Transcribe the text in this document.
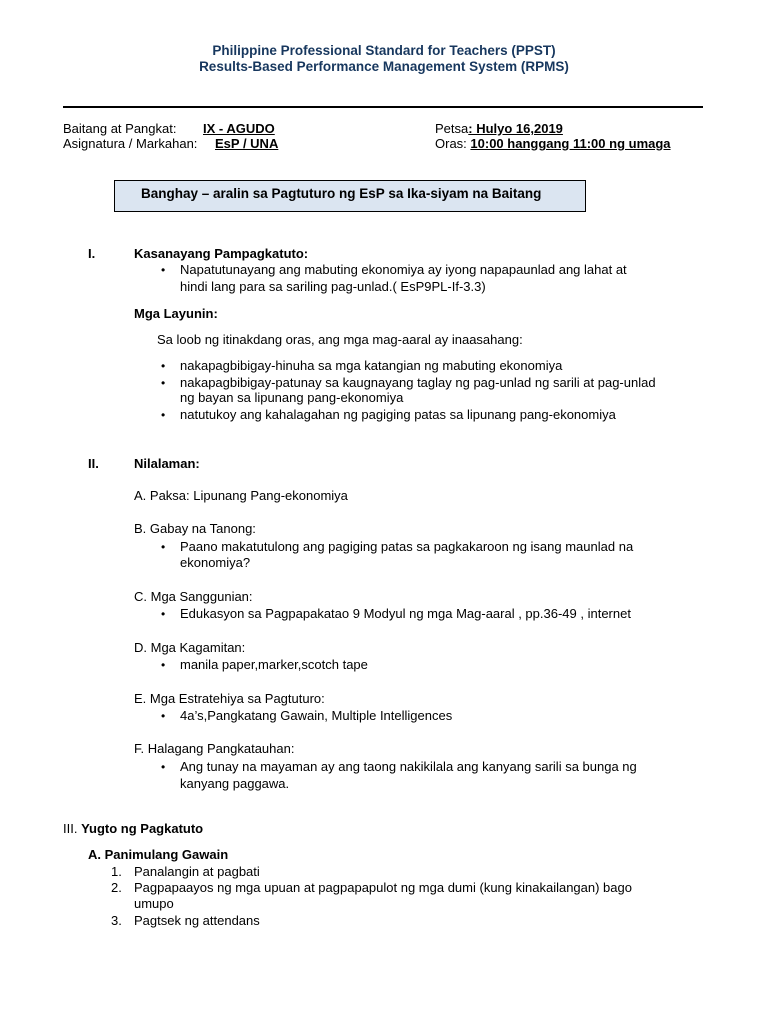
Philippine Professional Standard for Teachers (PPST)
Results-Based Performance Management System (RPMS)
Baitang at Pangkat: IX - AGUDO
Asignatura / Markahan: EsP / UNA
Petsa: Hulyo 16,2019
Oras: 10:00 hanggang 11:00 ng umaga
Banghay – aralin sa Pagtuturo ng EsP sa Ika-siyam na Baitang
I.	Kasanayang Pampagkatuto:
• Napatutunayang ang mabuting ekonomiya ay iyong napapaunlad ang lahat at
hindi lang para sa sariling pag-unlad.( EsP9PL-If-3.3)
Mga Layunin:
Sa loob ng itinakdang oras, ang mga mag-aaral ay inaasahang:
• nakapagbibigay-hinuha sa mga katangian ng mabuting ekonomiya
• nakapagbibigay-patunay sa kaugnayang taglay ng pag-unlad ng sarili at pag-unlad
ng bayan sa lipunang pang-ekonomiya
• natutukoy ang kahalagahan ng pagiging patas sa lipunang pang-ekonomiya
II.	Nilalaman:
A. Paksa: Lipunang Pang-ekonomiya
B. Gabay na Tanong:
• Paano makatutulong ang pagiging patas sa pagkakaroon ng isang maunlad na
ekonomiya?
C. Mga Sanggunian:
• Edukasyon sa Pagpapakatao 9 Modyul ng mga Mag-aaral , pp.36-49 , internet
D. Mga Kagamitan:
• manila paper,marker,scotch tape
E. Mga Estratehiya sa Pagtuturo:
• 4a’s,Pangkatang Gawain, Multiple Intelligences
F. Halagang Pangkatauhan:
• Ang tunay na mayaman ay ang taong nakikilala ang kanyang sarili sa bunga ng
kanyang paggawa.
III. Yugto ng Pagkatuto
A. Panimulang Gawain
1. Panalangin at pagbati
2. Pagpapaayos ng mga upuan at pagpapapulot ng mga dumi (kung kinakailangan) bago
umupo
3. Pagtsek ng attendans
